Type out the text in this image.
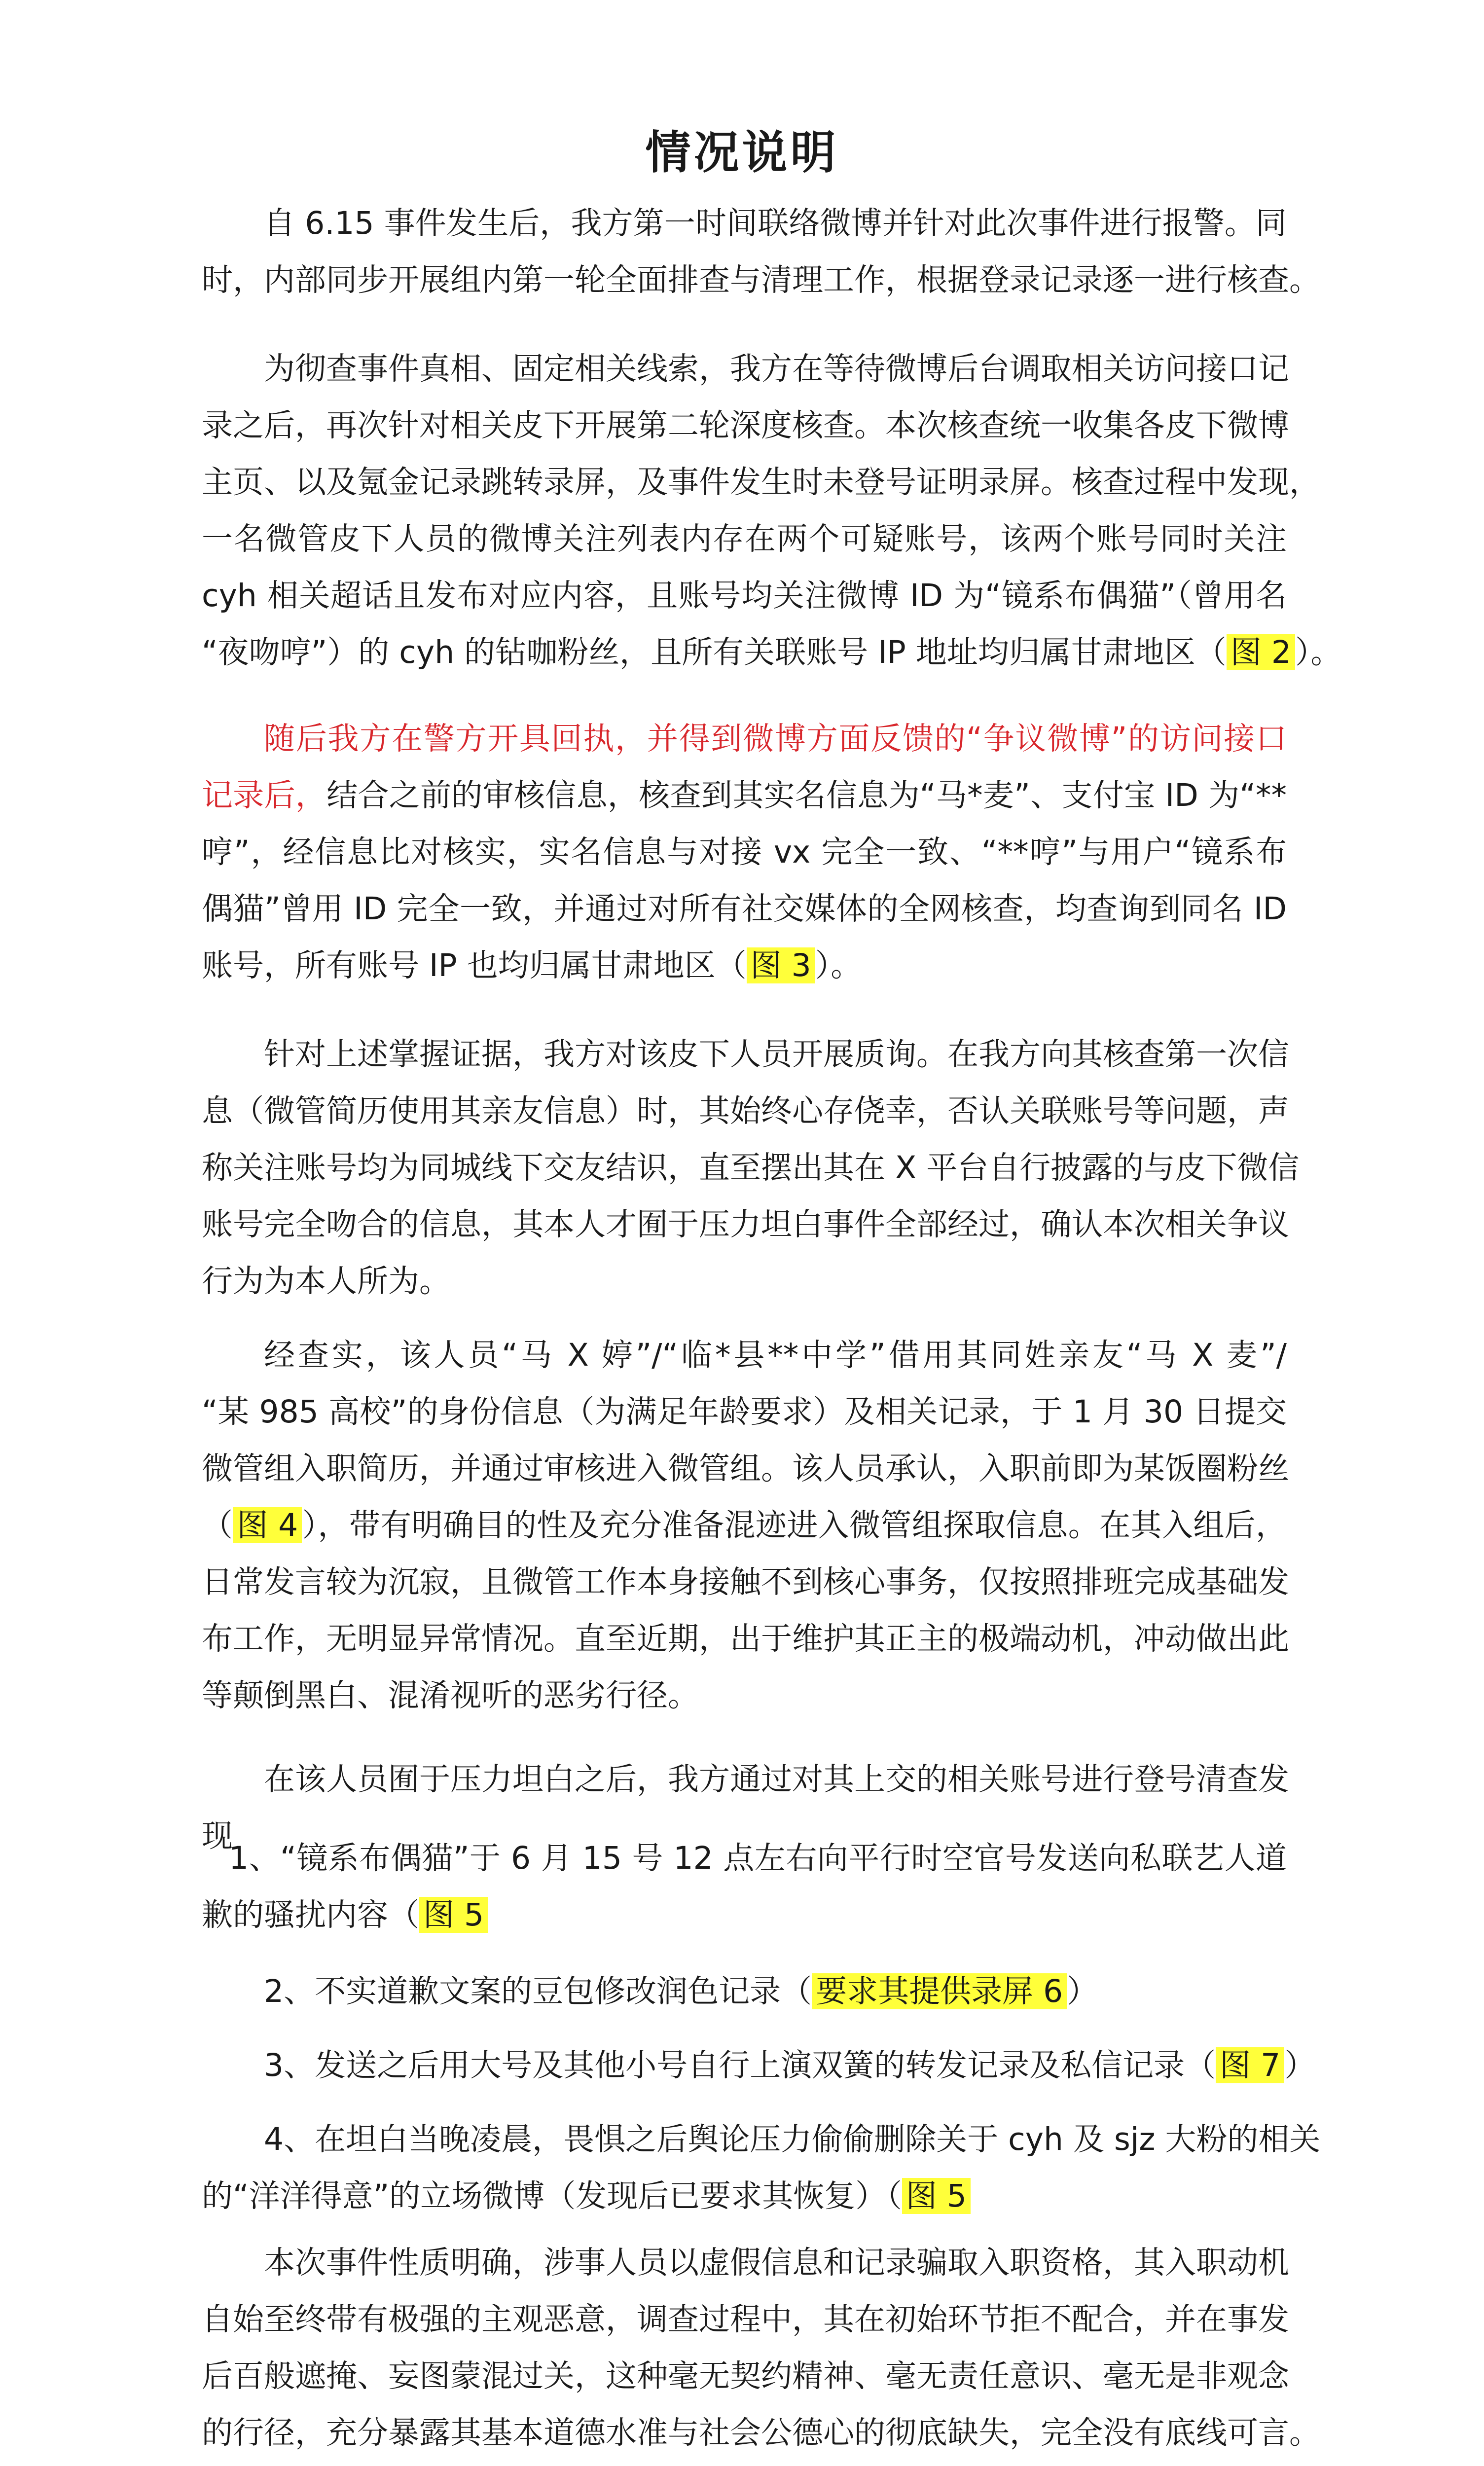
情况说明
自 6.15 事件发生后，我方第一时间联络微博并针对此次事件进行报警。同
时，内部同步开展组内第一轮全面排查与清理工作，根据登录记录逐一进行核查。
为彻查事件真相、固定相关线索，我方在等待微博后台调取相关访问接口记
录之后，再次针对相关皮下开展第二轮深度核查。本次核查统一收集各皮下微博
主页、以及氪金记录跳转录屏，及事件发生时未登号证明录屏。核查过程中发现，
一名微管皮下人员的微博关注列表内存在两个可疑账号，该两个账号同时关注
cyh 相关超话且发布对应内容，且账号均关注微博 ID 为“镜系布偶猫”（曾用名
“夜吻哼”）的 cyh 的钻咖粉丝，且所有关联账号 IP 地址均归属甘肃地区（ 图 2 ）。
随后我方在警方开具回执，并得到微博方面反馈的“争议微博”的访问接口
记录后，结合之前的审核信息，核查到其实名信息为“马*麦”、支付宝 ID 为“**
哼”，经信息比对核实，实名信息与对接 vx 完全一致、“**哼”与用户“镜系布
偶猫”曾用 ID 完全一致，并通过对所有社交媒体的全网核查，均查询到同名 ID
账号，所有账号 IP 也均归属甘肃地区（ 图 3 ）。
针对上述掌握证据，我方对该皮下人员开展质询。在我方向其核查第一次信
息（微管简历使用其亲友信息）时，其始终心存侥幸，否认关联账号等问题，声
称关注账号均为同城线下交友结识，直至摆出其在 X 平台自行披露的与皮下微信
账号完全吻合的信息，其本人才囿于压力坦白事件全部经过，确认本次相关争议
行为为本人所为。
经查实，该人员“马 X 婷”/“临*县**中学”借用其同姓亲友“马 X 麦”/
“某 985 高校”的身份信息（为满足年龄要求）及相关记录，于 1 月 30 日提交
微管组入职简历，并通过审核进入微管组。该人员承认，入职前即为某饭圈粉丝
（ 图 4 ），带有明确目的性及充分准备混迹进入微管组探取信息。在其入组后，
日常发言较为沉寂，且微管工作本身接触不到核心事务，仅按照排班完成基础发
布工作，无明显异常情况。直至近期，出于维护其正主的极端动机，冲动做出此
等颠倒黑白、混淆视听的恶劣行径。
在该人员囿于压力坦白之后，我方通过对其上交的相关账号进行登号清查发
现
1、“镜系布偶猫”于 6 月 15 号 12 点左右向平行时空官号发送向私联艺人道
歉的骚扰内容（ 图 5
2、不实道歉文案的豆包修改润色记录（ 要求其提供录屏 6 ）
3、发送之后用大号及其他小号自行上演双簧的转发记录及私信记录（ 图 7 ）
4、在坦白当晚凌晨，畏惧之后舆论压力偷偷删除关于 cyh 及 sjz 大粉的相关
的“洋洋得意”的立场微博（发现后已要求其恢复）（ 图 5
本次事件性质明确，涉事人员以虚假信息和记录骗取入职资格，其入职动机
自始至终带有极强的主观恶意，调查过程中，其在初始环节拒不配合，并在事发
后百般遮掩、妄图蒙混过关，这种毫无契约精神、毫无责任意识、毫无是非观念
的行径，充分暴露其基本道德水准与社会公德心的彻底缺失，完全没有底线可言。
